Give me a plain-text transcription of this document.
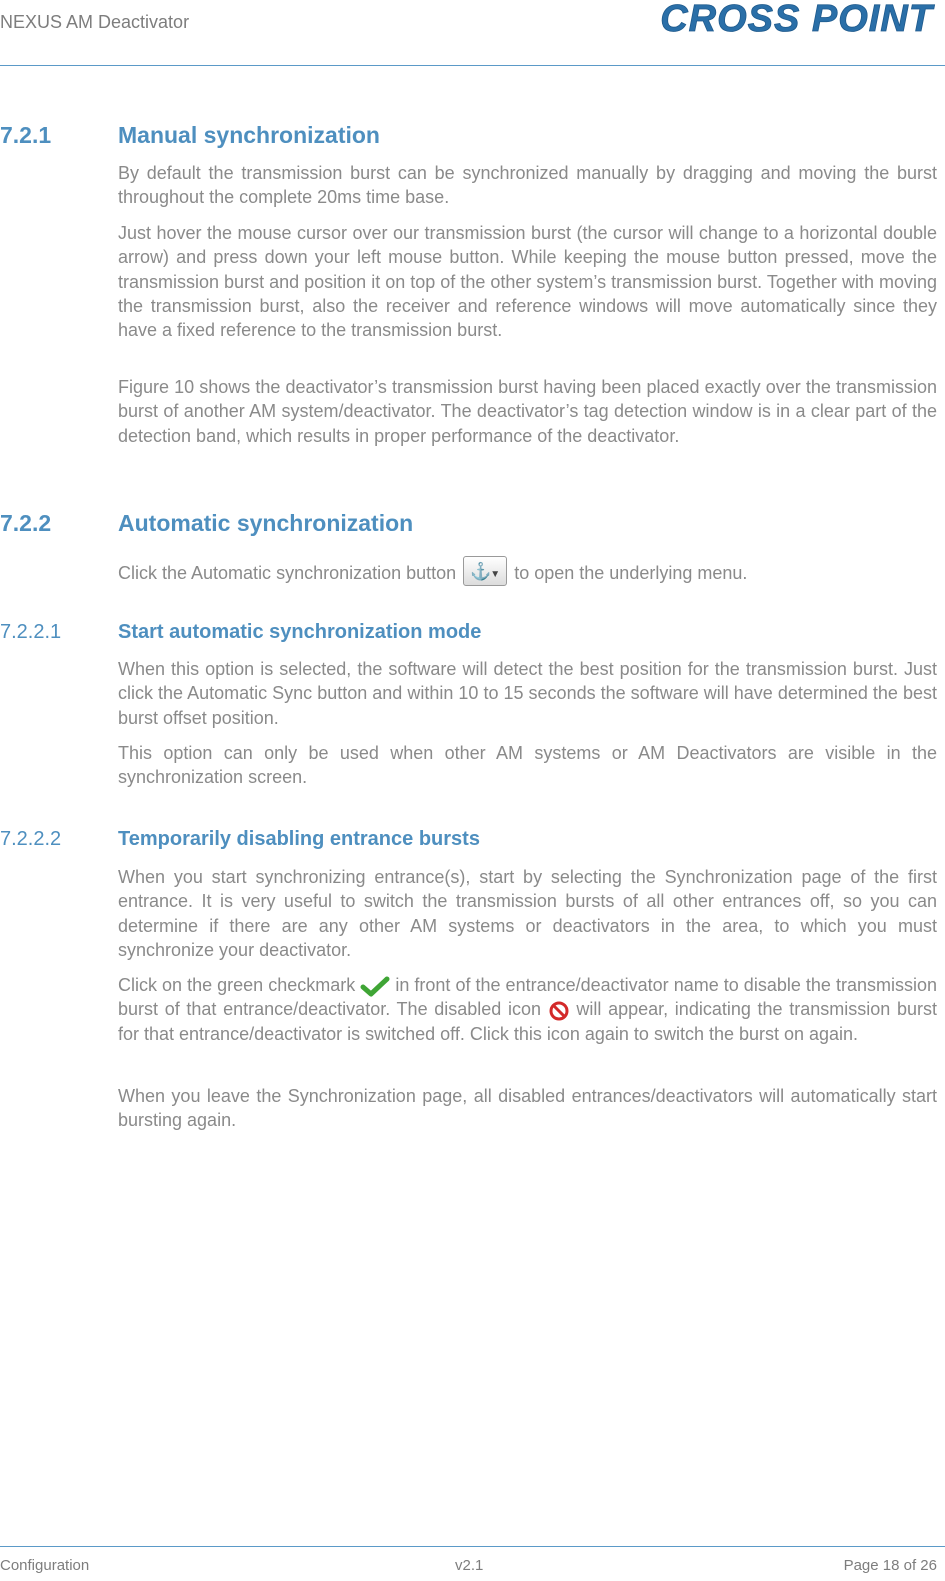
NEXUS AM Deactivator	CROSS POINT
7.2.1	Manual synchronization

By default the transmission burst can be synchronized manually by dragging and moving the burst throughout the complete 20ms time base.

Just hover the mouse cursor over our transmission burst (the cursor will change to a horizontal double arrow) and press down your left mouse button. While keeping the mouse button pressed, move the transmission burst and position it on top of the other system’s transmission burst. Together with moving the transmission burst, also the receiver and reference windows will move automatically since they have a fixed reference to the transmission burst.

Figure 10 shows the deactivator’s transmission burst having been placed exactly over the transmission burst of another AM system/deactivator. The deactivator’s tag detection window is in a clear part of the detection band, which results in proper performance of the deactivator.

7.2.2	Automatic synchronization

Click the Automatic synchronization button ⚓
▼ to open the underlying menu.

7.2.2.1	Start automatic synchronization mode

When this option is selected, the software will detect the best position for the transmission burst. Just click the Automatic Sync button and within 10 to 15 seconds the software will have determined the best burst offset position.

This option can only be used when other AM systems or AM Deactivators are visible in the synchronization screen.

7.2.2.2	Temporarily disabling entrance bursts

When you start synchronizing entrance(s), start by selecting the Synchronization page of the first entrance. It is very useful to switch the transmission bursts of all other entrances off, so you can determine if there are any other AM systems or deactivators in the area, to which you must synchronize your deactivator.

Click on the green checkmark in front of the entrance/deactivator name to disable the transmission burst of that entrance/deactivator. The disabled icon will appear, indicating the transmission burst for that entrance/deactivator is switched off. Click this icon again to switch the burst on again.

When you leave the Synchronization page, all disabled entrances/deactivators will automatically start bursting again.

Configuration	v2.1	Page 18 of 26
